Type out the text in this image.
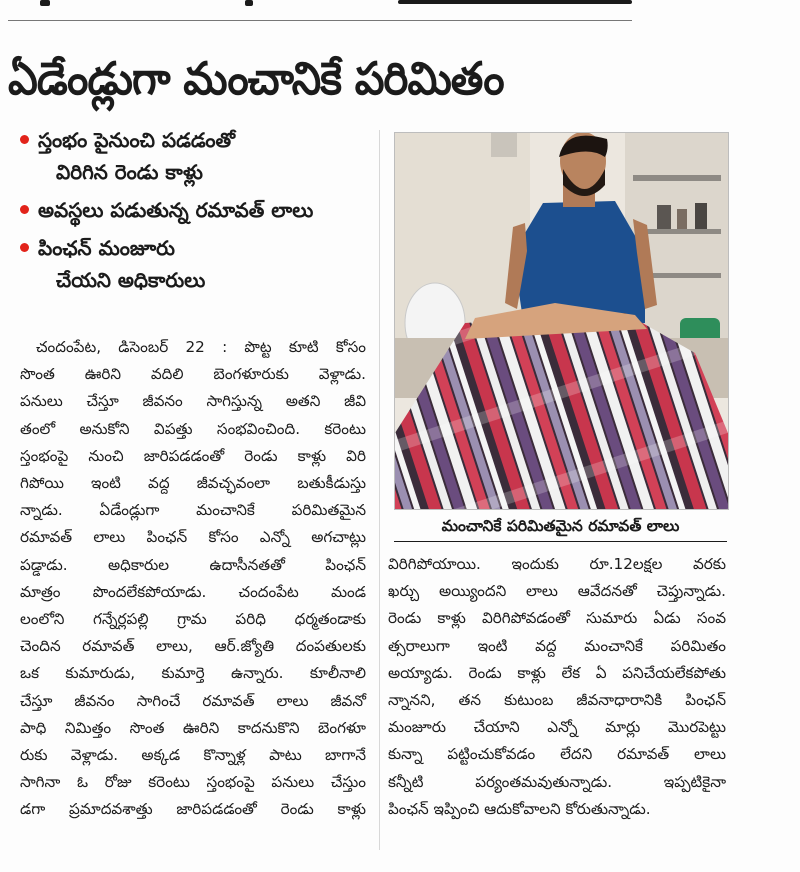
ఏడేండ్లుగా మంచానికే పరిమితం
స్తంభం పైనుంచి పడడంతో
విరిగిన రెండు కాళ్లు
అవస్థలు పడుతున్న రమావత్ లాలు
పింఛన్ మంజూరు
చేయని అధికారులు
చందంపేట, డిసెంబర్ 22 : పొట్ట కూటి కోసం
సొంత ఊరిని వదిలి బెంగళూరుకు వెళ్లాడు.
పనులు చేస్తూ జీవనం సాగిస్తున్న అతని జీవి
తంలో అనుకోని విపత్తు సంభవించింది. కరెంటు
స్తంభంపై నుంచి జారిపడడంతో రెండు కాళ్లు విరి
గిపోయి ఇంటి వద్ద జీవచ్ఛవంలా బతుకీడుస్తు
న్నాడు. ఏడేండ్లుగా మంచానికే పరిమితమైన
రమావత్ లాలు పింఛన్ కోసం ఎన్నో అగచాట్లు
పడ్డాడు. అధికారుల ఉదాసీనతతో పింఛన్
మాత్రం పొందలేకపోయాడు. చందంపేట మండ
లంలోని గన్నేర్లపల్లి గ్రామ పరిధి ధర్మతండాకు
చెందిన రమావత్ లాలు, ఆర్.జ్యోతి దంపతులకు
ఒక కుమారుడు, కుమార్తె ఉన్నారు. కూలీనాలి
చేస్తూ జీవనం సాగించే రమావత్ లాలు జీవనో
పాధి నిమిత్తం సొంత ఊరిని కాదనుకొని బెంగళూ
రుకు వెళ్లాడు. అక్కడ కొన్నాళ్ల పాటు బాగానే
సాగినా ఓ రోజు కరెంటు స్తంభంపై పనులు చేస్తుం
డగా ప్రమాదవశాత్తు జారిపడడంతో రెండు కాళ్లు
మంచానికే పరిమితమైన రమావత్ లాలు
విరిగిపోయాయి. ఇందుకు రూ.12లక్షల వరకు
ఖర్చు అయ్యిందని లాలు ఆవేదనతో చెప్తున్నాడు.
రెండు కాళ్లు విరిగిపోవడంతో సుమారు ఏడు సంవ
త్సరాలుగా ఇంటి వద్ద మంచానికే పరిమితం
అయ్యాడు. రెండు కాళ్లు లేక ఏ పనిచేయలేకపోతు
న్నానని, తన కుటుంబ జీవనాధారానికి పింఛన్
మంజూరు చేయాని ఎన్నో మార్లు మొరపెట్టు
కున్నా పట్టించుకోవడం లేదని రమావత్ లాలు
కన్నీటి పర్యంతమవుతున్నాడు. ఇప్పటికైనా
పింఛన్ ఇప్పించి ఆదుకోవాలని కోరుతున్నాడు.
